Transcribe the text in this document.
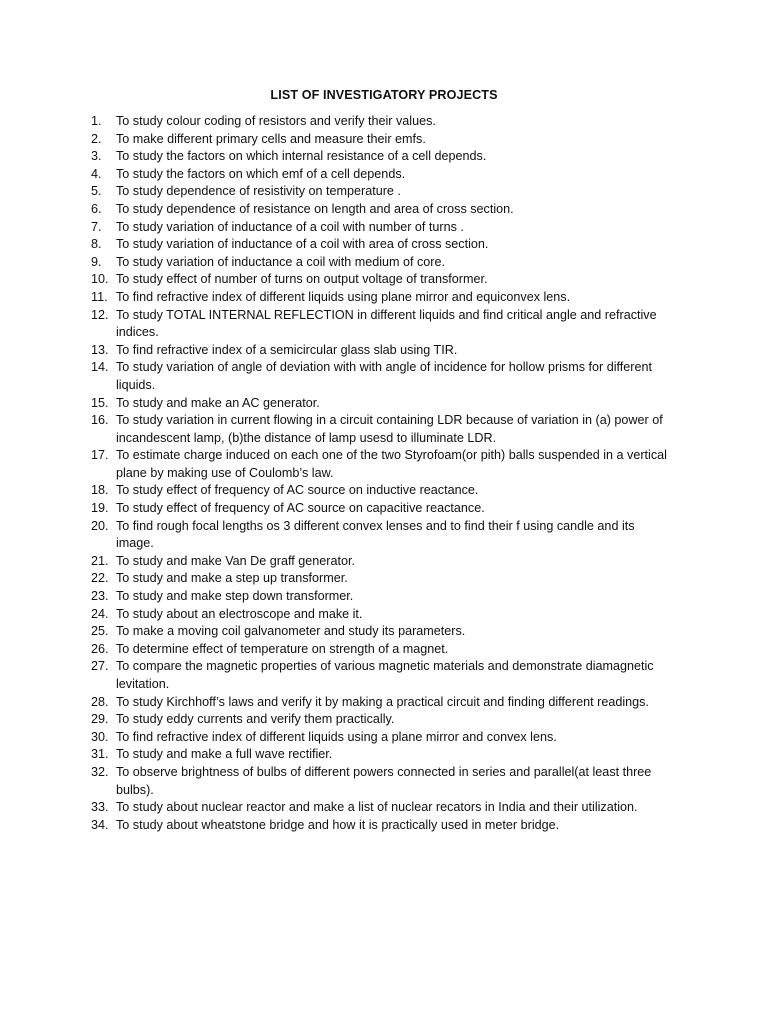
LIST OF INVESTIGATORY PROJECTS
1.	To study colour coding of resistors and verify their values.
2.	To make different primary cells and measure their emfs.
3.	To study the factors on which internal resistance of a cell depends.
4.	To study the factors on which emf of a cell depends.
5.	To study dependence of resistivity on temperature .
6.	To study dependence of resistance on length and area of cross section.
7.	To study variation of inductance of a coil with number of turns .
8.	To study variation of inductance of a coil with area of cross section.
9.	To study variation of inductance a coil with medium of core.
10. To study effect of number of turns on output voltage of transformer.
11. To find refractive index of different liquids using plane mirror and equiconvex lens.
12. To study TOTAL INTERNAL REFLECTION in different liquids and find critical angle and refractive indices.
13. To find refractive index of a semicircular glass slab using TIR.
14. To study variation of angle of deviation with with angle of incidence for hollow prisms for different liquids.
15. To study and make an AC generator.
16. To study variation in current flowing in a circuit containing LDR because of variation in (a) power of incandescent lamp, (b)the distance of lamp usesd to illuminate LDR.
17. To estimate charge induced on each one of the two Styrofoam(or pith) balls suspended in a vertical plane by making use of Coulomb’s law.
18. To study effect of frequency of AC source on inductive reactance.
19. To study effect of frequency of AC source on capacitive reactance.
20. To find rough focal lengths os 3 different convex lenses and to find their f using candle and its image.
21. To study and make Van De graff generator.
22. To study and make a step up transformer.
23. To study and make step down transformer.
24. To study about an electroscope and make it.
25. To make a moving coil galvanometer and study its parameters.
26. To determine effect of temperature on strength of a magnet.
27. To compare the magnetic properties of various magnetic materials and demonstrate diamagnetic levitation.
28. To study Kirchhoff’s laws and verify it by making a practical circuit and finding different readings.
29. To study eddy currents and verify them practically.
30. To find refractive index of different liquids using a plane mirror and convex lens.
31. To study and make a full wave rectifier.
32. To observe brightness of bulbs of different powers connected in series and parallel(at least three bulbs).
33. To study about nuclear reactor and make a list of nuclear recators in India and their utilization.
34. To study about wheatstone bridge and how it is practically used in meter bridge.
